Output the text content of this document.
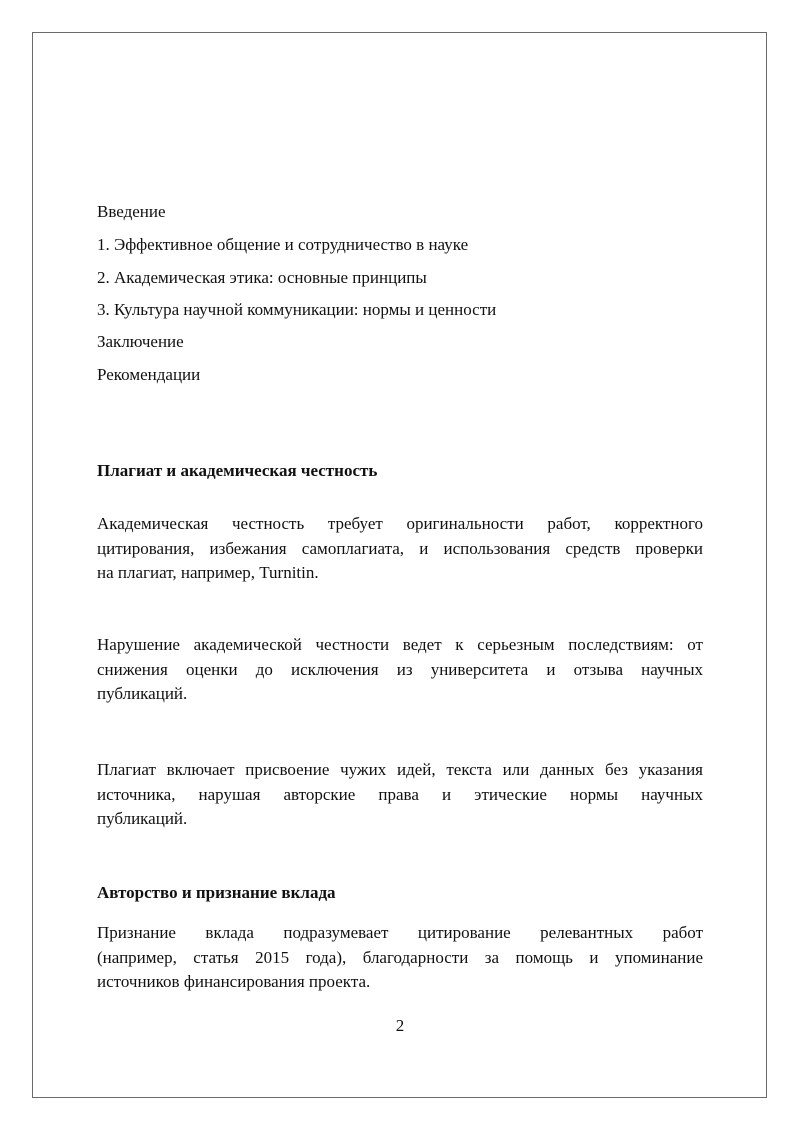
Введение
1. Эффективное общение и сотрудничество в науке
2. Академическая этика: основные принципы
3. Культура научной коммуникации: нормы и ценности
Заключение
Рекомендации
Плагиат и академическая честность
Академическая честность требует оригинальности работ, корректного
цитирования, избежания самоплагиата, и использования средств проверки
на плагиат, например, Turnitin.
Нарушение академической честности ведет к серьезным последствиям: от
снижения оценки до исключения из университета и отзыва научных
публикаций.
Плагиат включает присвоение чужих идей, текста или данных без указания
источника, нарушая авторские права и этические нормы научных
публикаций.
Авторство и признание вклада
Признание вклада подразумевает цитирование релевантных работ
(например, статья 2015 года), благодарности за помощь и упоминание
источников финансирования проекта.
2
